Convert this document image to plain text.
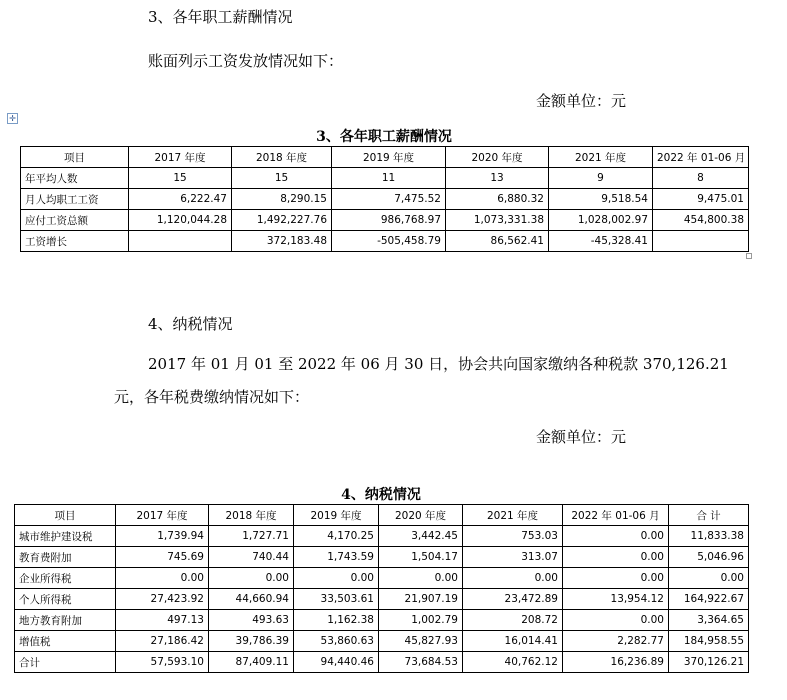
3、各年职工薪酬情况
账面列示工资发放情况如下：
金额单位：元
✛
3、各年职工薪酬情况
项目	2017 年度	2018 年度	2019 年度	2020 年度	2021 年度	2022 年 01-06 月
年平均人数	15	15	11	13	9	8
月人均职工工资	6,222.47	8,290.15	7,475.52	6,880.32	9,518.54	9,475.01
应付工资总额	1,120,044.28	1,492,227.76	986,768.97	1,073,331.38	1,028,002.97	454,800.38
工资增长		372,183.48	-505,458.79	86,562.41	-45,328.41	
4、纳税情况
2017 年 01 月 01 至 2022 年 06 月 30 日，协会共向国家缴纳各种税款 370,126.21
元，各年税费缴纳情况如下：
金额单位：元
4、纳税情况
项目	2017 年度	2018 年度	2019 年度	2020 年度	2021 年度	2022 年 01-06 月	合 计
城市维护建设税	1,739.94	1,727.71	4,170.25	3,442.45	753.03	0.00	11,833.38
教育费附加	745.69	740.44	1,743.59	1,504.17	313.07	0.00	5,046.96
企业所得税	0.00	0.00	0.00	0.00	0.00	0.00	0.00
个人所得税	27,423.92	44,660.94	33,503.61	21,907.19	23,472.89	13,954.12	164,922.67
地方教育附加	497.13	493.63	1,162.38	1,002.79	208.72	0.00	3,364.65
增值税	27,186.42	39,786.39	53,860.63	45,827.93	16,014.41	2,282.77	184,958.55
合计	57,593.10	87,409.11	94,440.46	73,684.53	40,762.12	16,236.89	370,126.21
